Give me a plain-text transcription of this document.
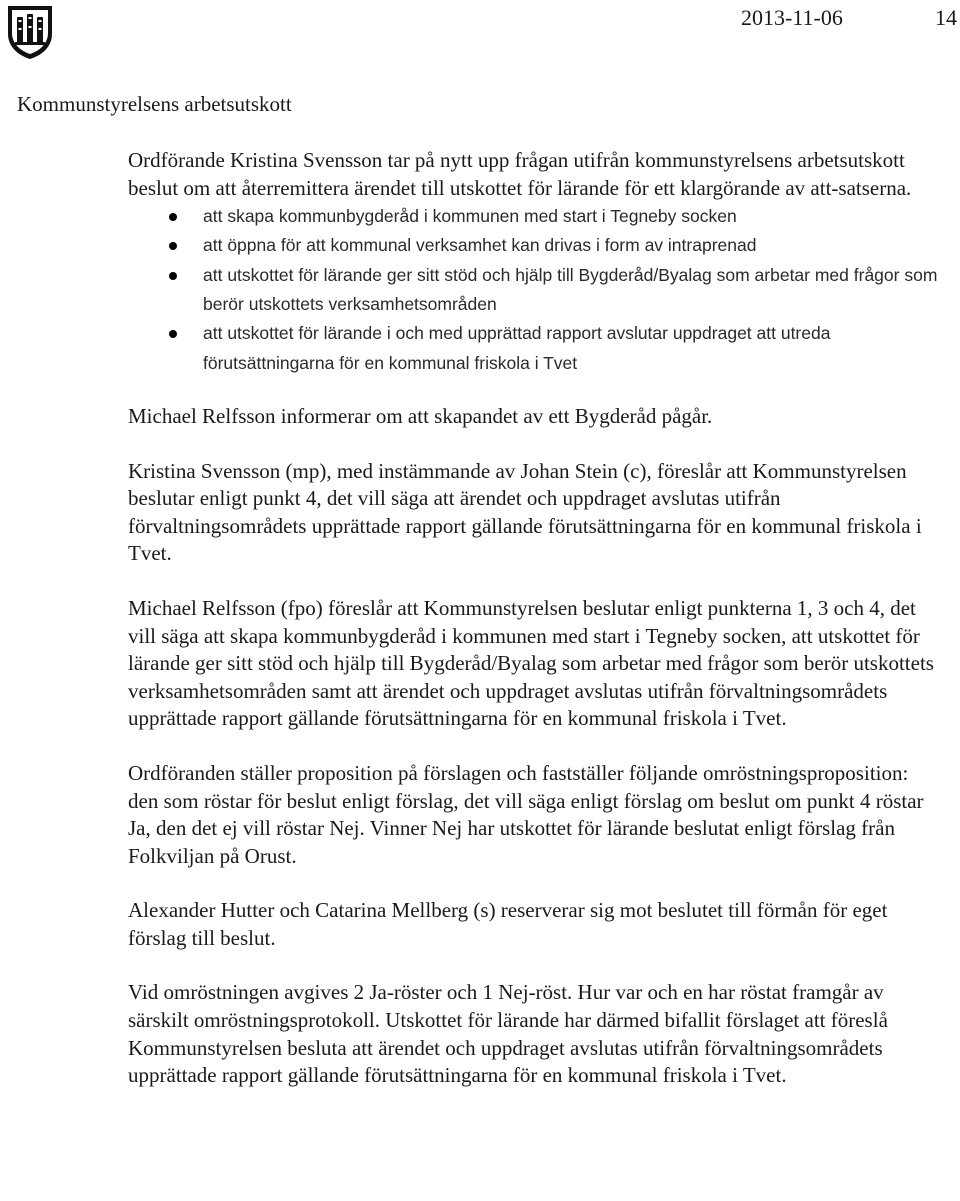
2013-11-06	14
Kommunstyrelsens arbetsutskott

Ordförande Kristina Svensson tar på nytt upp frågan utifrån kommunstyrelsens arbetsutskott beslut om att återremittera ärendet till utskottet för lärande för ett klargörande av att-satserna.

att skapa kommunbygderåd i kommunen med start i Tegneby socken
att öppna för att kommunal verksamhet kan drivas i form av intraprenad
att utskottet för lärande ger sitt stöd och hjälp till Bygderåd/Byalag som arbetar med frågor som berör utskottets verksamhetsområden
att utskottet för lärande i och med upprättad rapport avslutar uppdraget att utreda förutsättningarna för en kommunal friskola i Tvet

Michael Relfsson informerar om att skapandet av ett Bygderåd pågår.

Kristina Svensson (mp), med instämmande av Johan Stein (c), föreslår att Kommunstyrelsen beslutar enligt punkt 4, det vill säga att ärendet och uppdraget avslutas utifrån förvaltningsområdets upprättade rapport gällande förutsättningarna för en kommunal friskola i Tvet.

Michael Relfsson (fpo) föreslår att Kommunstyrelsen beslutar enligt punkterna 1, 3 och 4, det vill säga att skapa kommunbygderåd i kommunen med start i Tegneby socken, att utskottet för lärande ger sitt stöd och hjälp till Bygderåd/Byalag som arbetar med frågor som berör utskottets verksamhetsområden samt att ärendet och uppdraget avslutas utifrån förvaltningsområdets upprättade rapport gällande förutsättningarna för en kommunal friskola i Tvet.

Ordföranden ställer proposition på förslagen och fastställer följande omröstningsproposition: den som röstar för beslut enligt förslag, det vill säga enligt förslag om beslut om punkt 4 röstar Ja, den det ej vill röstar Nej. Vinner Nej har utskottet för lärande beslutat enligt förslag från Folkviljan på Orust.

Alexander Hutter och Catarina Mellberg (s) reserverar sig mot beslutet till förmån för eget förslag till beslut.

Vid omröstningen avgives 2 Ja-röster och 1 Nej-röst. Hur var och en har röstat framgår av särskilt omröstningsprotokoll. Utskottet för lärande har därmed bifallit förslaget att föreslå Kommunstyrelsen besluta att ärendet och uppdraget avslutas utifrån förvaltningsområdets upprättade rapport gällande förutsättningarna för en kommunal friskola i Tvet.
